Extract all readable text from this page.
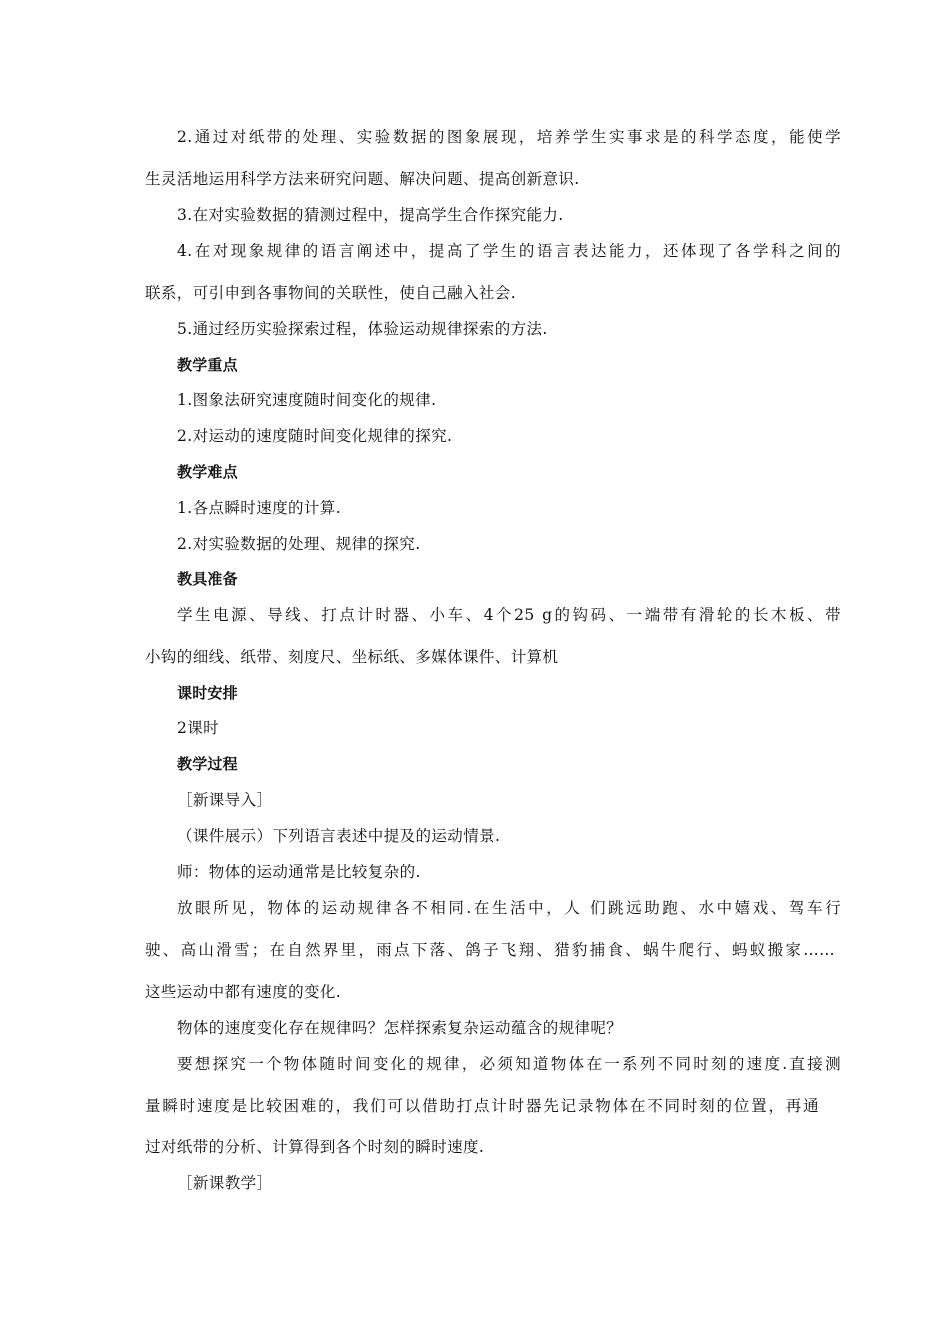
2.通过对纸带的处理、实验数据的图象展现，培养学生实事求是的科学态度，能使学
生灵活地运用科学方法来研究问题、解决问题、提高创新意识.
3.在对实验数据的猜测过程中，提高学生合作探究能力.
4.在对现象规律的语言阐述中，提高了学生的语言表达能力，还体现了各学科之间的
联系，可引申到各事物间的关联性，使自己融入社会.
5.通过经历实验探索过程，体验运动规律探索的方法.
教学重点
1.图象法研究速度随时间变化的规律.
2.对运动的速度随时间变化规律的探究.
教学难点
1.各点瞬时速度的计算.
2.对实验数据的处理、规律的探究.
教具准备
学生电源、导线、打点计时器、小车、4个25 g的钩码、一端带有滑轮的长木板、带
小钩的细线、纸带、刻度尺、坐标纸、多媒体课件、计算机
课时安排
2课时
教学过程
［新课导入］
（课件展示）下列语言表述中提及的运动情景.
师：物体的运动通常是比较复杂的.
放眼所见，物体的运动规律各不相同.在生活中，人 们跳远助跑、水中嬉戏、驾车行
驶、高山滑雪；在自然界里，雨点下落、鸽子飞翔、猎豹捕食、蜗牛爬行、蚂蚁搬家……
这些运动中都有速度的变化.
物体的速度变化存在规律吗？怎样探索复杂运动蕴含的规律呢？
要想探究一个物体随时间变化的规律，必须知道物体在一系列不同时刻的速度.直接测
量瞬时速度是比较困难的，我们可以借助打点计时器先记录物体在不同时刻的位置，再通
过对纸带的分析、计算得到各个时刻的瞬时速度.
［新课教学］
